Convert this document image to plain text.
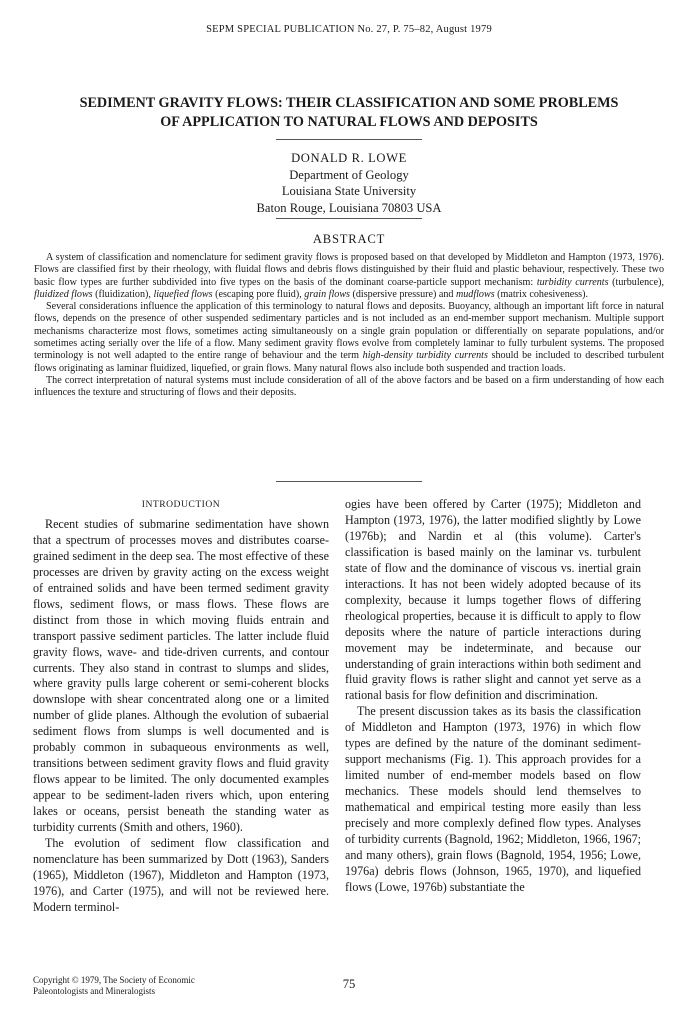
SEPM SPECIAL PUBLICATION No. 27, P. 75–82, August 1979
SEDIMENT GRAVITY FLOWS: THEIR CLASSIFICATION AND SOME PROBLEMS
OF APPLICATION TO NATURAL FLOWS AND DEPOSITS
DONALD R. LOWE
Department of Geology
Louisiana State University
Baton Rouge, Louisiana 70803 USA
ABSTRACT

A system of classification and nomenclature for sediment gravity flows is proposed based on that developed by Middleton and Hampton (1973, 1976). Flows are classified first by their rheology, with fluidal flows and debris flows distinguished by their fluid and plastic behaviour, respectively. These two basic flow types are further subdivided into five types on the basis of the dominant coarse-particle support mechanism: turbidity currents (turbulence), fluidized flows (fluidization), liquefied flows (escaping pore fluid), grain flows (dispersive pressure) and mudflows (matrix cohesiveness).

Several considerations influence the application of this terminology to natural flows and deposits. Buoyancy, although an important lift force in natural flows, depends on the presence of other suspended sedimentary particles and is not included as an end-member support mechanism. Multiple support mechanisms characterize most flows, sometimes acting simultaneously on a single grain population or differentially on separate populations, and/or sometimes acting serially over the life of a flow. Many sediment gravity flows evolve from completely laminar to fully turbulent systems. The proposed terminology is not well adapted to the entire range of behaviour and the term high-density turbidity currents should be included to described turbulent flows originating as laminar fluidized, liquefied, or grain flows. Many natural flows also include both suspended and traction loads.

The correct interpretation of natural systems must include consideration of all of the above factors and be based on a firm understanding of how each influences the texture and structuring of flows and their deposits.

INTRODUCTION

Recent studies of submarine sedimentation have shown that a spectrum of processes moves and distributes coarse-grained sediment in the deep sea. The most effective of these processes are driven by gravity acting on the excess weight of entrained solids and have been termed sediment gravity flows, sediment flows, or mass flows. These flows are distinct from those in which moving fluids entrain and transport passive sediment particles. The latter include fluid gravity flows, wave- and tide-driven currents, and contour currents. They also stand in contrast to slumps and slides, where gravity pulls large coherent or semi-coherent blocks downslope with shear concentrated along one or a limited number of glide planes. Although the evolution of subaerial sediment flows from slumps is well documented and is probably common in subaqueous environments as well, transitions between sediment gravity flows and fluid gravity flows appear to be limited. The only documented examples appear to be sediment-laden rivers which, upon entering lakes or oceans, persist beneath the standing water as turbidity currents (Smith and others, 1960).

The evolution of sediment flow classification and nomenclature has been summarized by Dott (1963), Sanders (1965), Middleton (1967), Middleton and Hampton (1973, 1976), and Carter (1975), and will not be reviewed here. Modern terminol-

ogies have been offered by Carter (1975); Middleton and Hampton (1973, 1976), the latter modified slightly by Lowe (1976b); and Nardin et al (this volume). Carter's classification is based mainly on the laminar vs. turbulent state of flow and the dominance of viscous vs. inertial grain interactions. It has not been widely adopted because of its complexity, because it lumps together flows of differing rheological properties, because it is difficult to apply to flow deposits where the nature of particle interactions during movement may be indeterminate, and because our understanding of grain interactions within both sediment and fluid gravity flows is rather slight and cannot yet serve as a rational basis for flow definition and discrimination.

The present discussion takes as its basis the classification of Middleton and Hampton (1973, 1976) in which flow types are defined by the nature of the dominant sediment-support mechanisms (Fig. 1). This approach provides for a limited number of end-member models based on flow mechanics. These models should lend themselves to mathematical and empirical testing more easily than less precisely and more complexly defined flow types. Analyses of turbidity currents (Bagnold, 1962; Middleton, 1966, 1967; and many others), grain flows (Bagnold, 1954, 1956; Lowe, 1976a) debris flows (Johnson, 1965, 1970), and liquefied flows (Lowe, 1976b) substantiate the

Copyright © 1979, The Society of Economic
Paleontologists and Mineralogists	75
